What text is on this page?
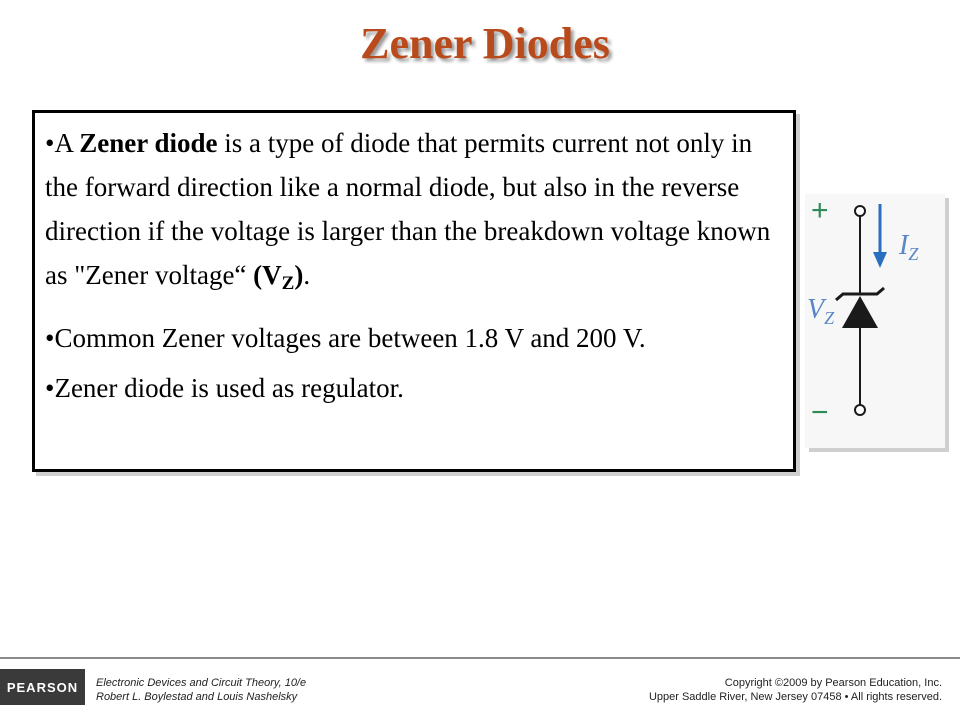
Zener Diodes

•A Zener diode is a type of diode that permits current not only in the forward direction like a normal diode, but also in the reverse direction if the voltage is larger than the breakdown voltage known as "Zener voltage“ $(V_Z)$.

•Common Zener voltages are between 1.8 V and 200 V.

•Zener diode is used as regulator.

+
−
$I_Z$
$V_Z$
PEARSON	Electronic Devices and Circuit Theory, 10/e
Robert L. Boylestad and Louis Nashelsky
Copyright ©2009 by Pearson Education, Inc.
Upper Saddle River, New Jersey 07458 • All rights reserved.
